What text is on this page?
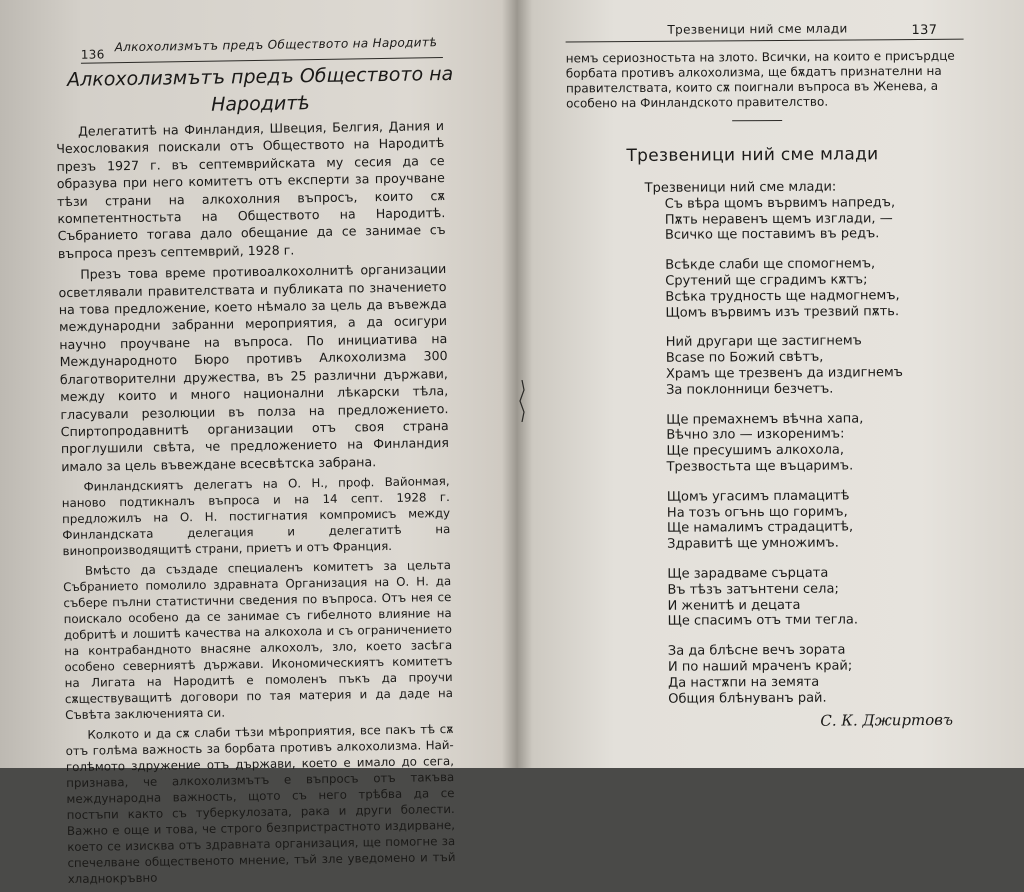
136
Алкохолизмътъ предъ Обществото на Народитѣ
Алкохолизмътъ предъ Обществото на Народитѣ

Делегатитѣ на Финландия, Швеция, Белгия, Дания и Чехословакия поискали отъ Обществото на Народитѣ презъ 1927 г. въ септемврийската му сесия да се образува при него комитетъ отъ експерти за проучване тѣзи страни на алкохолния въпросъ, които сѫ компетентностьта на Обществото на Народитѣ. Събранието тогава дало обещание да се занимае съ въпроса презъ септемврий, 1928 г.

Презъ това време противоалкохолнитѣ организации осветлявали правителствата и публиката по значението на това предложение, което нѣмало за цель да въвежда международни забранни мероприятия, а да осигури научно проучване на въпроса. По инициатива на Международното Бюро противъ Алкохолизма 300 благотворителни дружества, въ 25 различни държави, между които и много национални лѣкарски тѣла, гласували резолюции въ полза на предложението. Спиртопродавнитѣ организации отъ своя страна проглушили свѣта, че предложението на Финландия имало за цель въвеждане всесвѣтска забрана.

Финландскиятъ делегатъ на О. Н., проф. Вайонмая, наново подтикналъ въпроса и на 14 септ. 1928 г. предложилъ на О. Н. постигнатия компромисъ между Финландската делегация и делегатитѣ на винопроизводящитѣ страни, приетъ и отъ Франция.

Вмѣсто да създаде специаленъ комитетъ за цельта Събранието помолило здравната Организация на О. Н. да събере пълни статистични сведения по въпроса. Отъ нея се поискало особено да се занимае съ гибелното влияние на добритѣ и лошитѣ качества на алкохола и съ ограничението на контрабандното внасяне алкохолъ, зло, което засѣга особено северниятѣ държави. Икономическиятъ комитетъ на Лигата на Народитѣ е помоленъ пъкъ да проучи сѫществуващитѣ договори по тая материя и да даде на Съвѣта заключенията си.

Колкото и да сѫ слаби тѣзи мѣроприятия, все пакъ тѣ сѫ отъ голѣма важность за борбата противъ алкохолизма. Най-голѣмото здружение отъ държави, което е имало до сега, признава, че алкохолизмътъ е въпросъ отъ такъва международна важность, щото съ него трѣбва да се постъпи както съ туберкулозата, рака и други болести. Важно е още и това, че строго безпристрастното издирване, което се изисква отъ здравната организация, ще помогне за спечелване общественото мнение, тъй зле уведомено и тъй хладнокръвно

Трезвеници ний сме млади	137

немъ сериозностьта на злото. Всички, на които е присърдце

борбата противъ алкохолизма, ще бѫдатъ признателни на

правителствата, които сѫ поигнали въпроса въ Женева, а

особено на Финландското правителство.

Трезвеници ний сме млади
Трезвеници ний сме млади:
Съ вѣра щомъ вървимъ напредъ,
Пѫть неравенъ щемъ изглади, —
Всичко ще поставимъ въ редъ.
Всѣкде слаби ще спомогнемъ,
Срутений ще сградимъ кѫтъ;
Всѣка трудность ще надмогнемъ,
Щомъ вървимъ изъ трезвий пѫть.
Ний другари ще застигнемъ
Вcase по Божий свѣтъ,
Храмъ ще трезвенъ да издигнемъ
За поклонници безчетъ.
Ще премахнемъ вѣчна хапа,
Вѣчно зло — изкоренимъ:
Ще пресушимъ алкохола,
Трезвостьта ще въцаримъ.
Щомъ угасимъ пламацитѣ
На тозъ огънь що горимъ,
Ще намалимъ страдацитѣ,
Здравитѣ ще умножимъ.
Ще зарадваме сърцата
Въ тѣзъ затънтени села;
И женитѣ и децата
Ще спасимъ отъ тми тегла.
За да блѣсне вечъ зората
И по наший мраченъ край;
Да настѫпи на земята
Общия блѣнуванъ рай.
С. К. Джиртовъ
